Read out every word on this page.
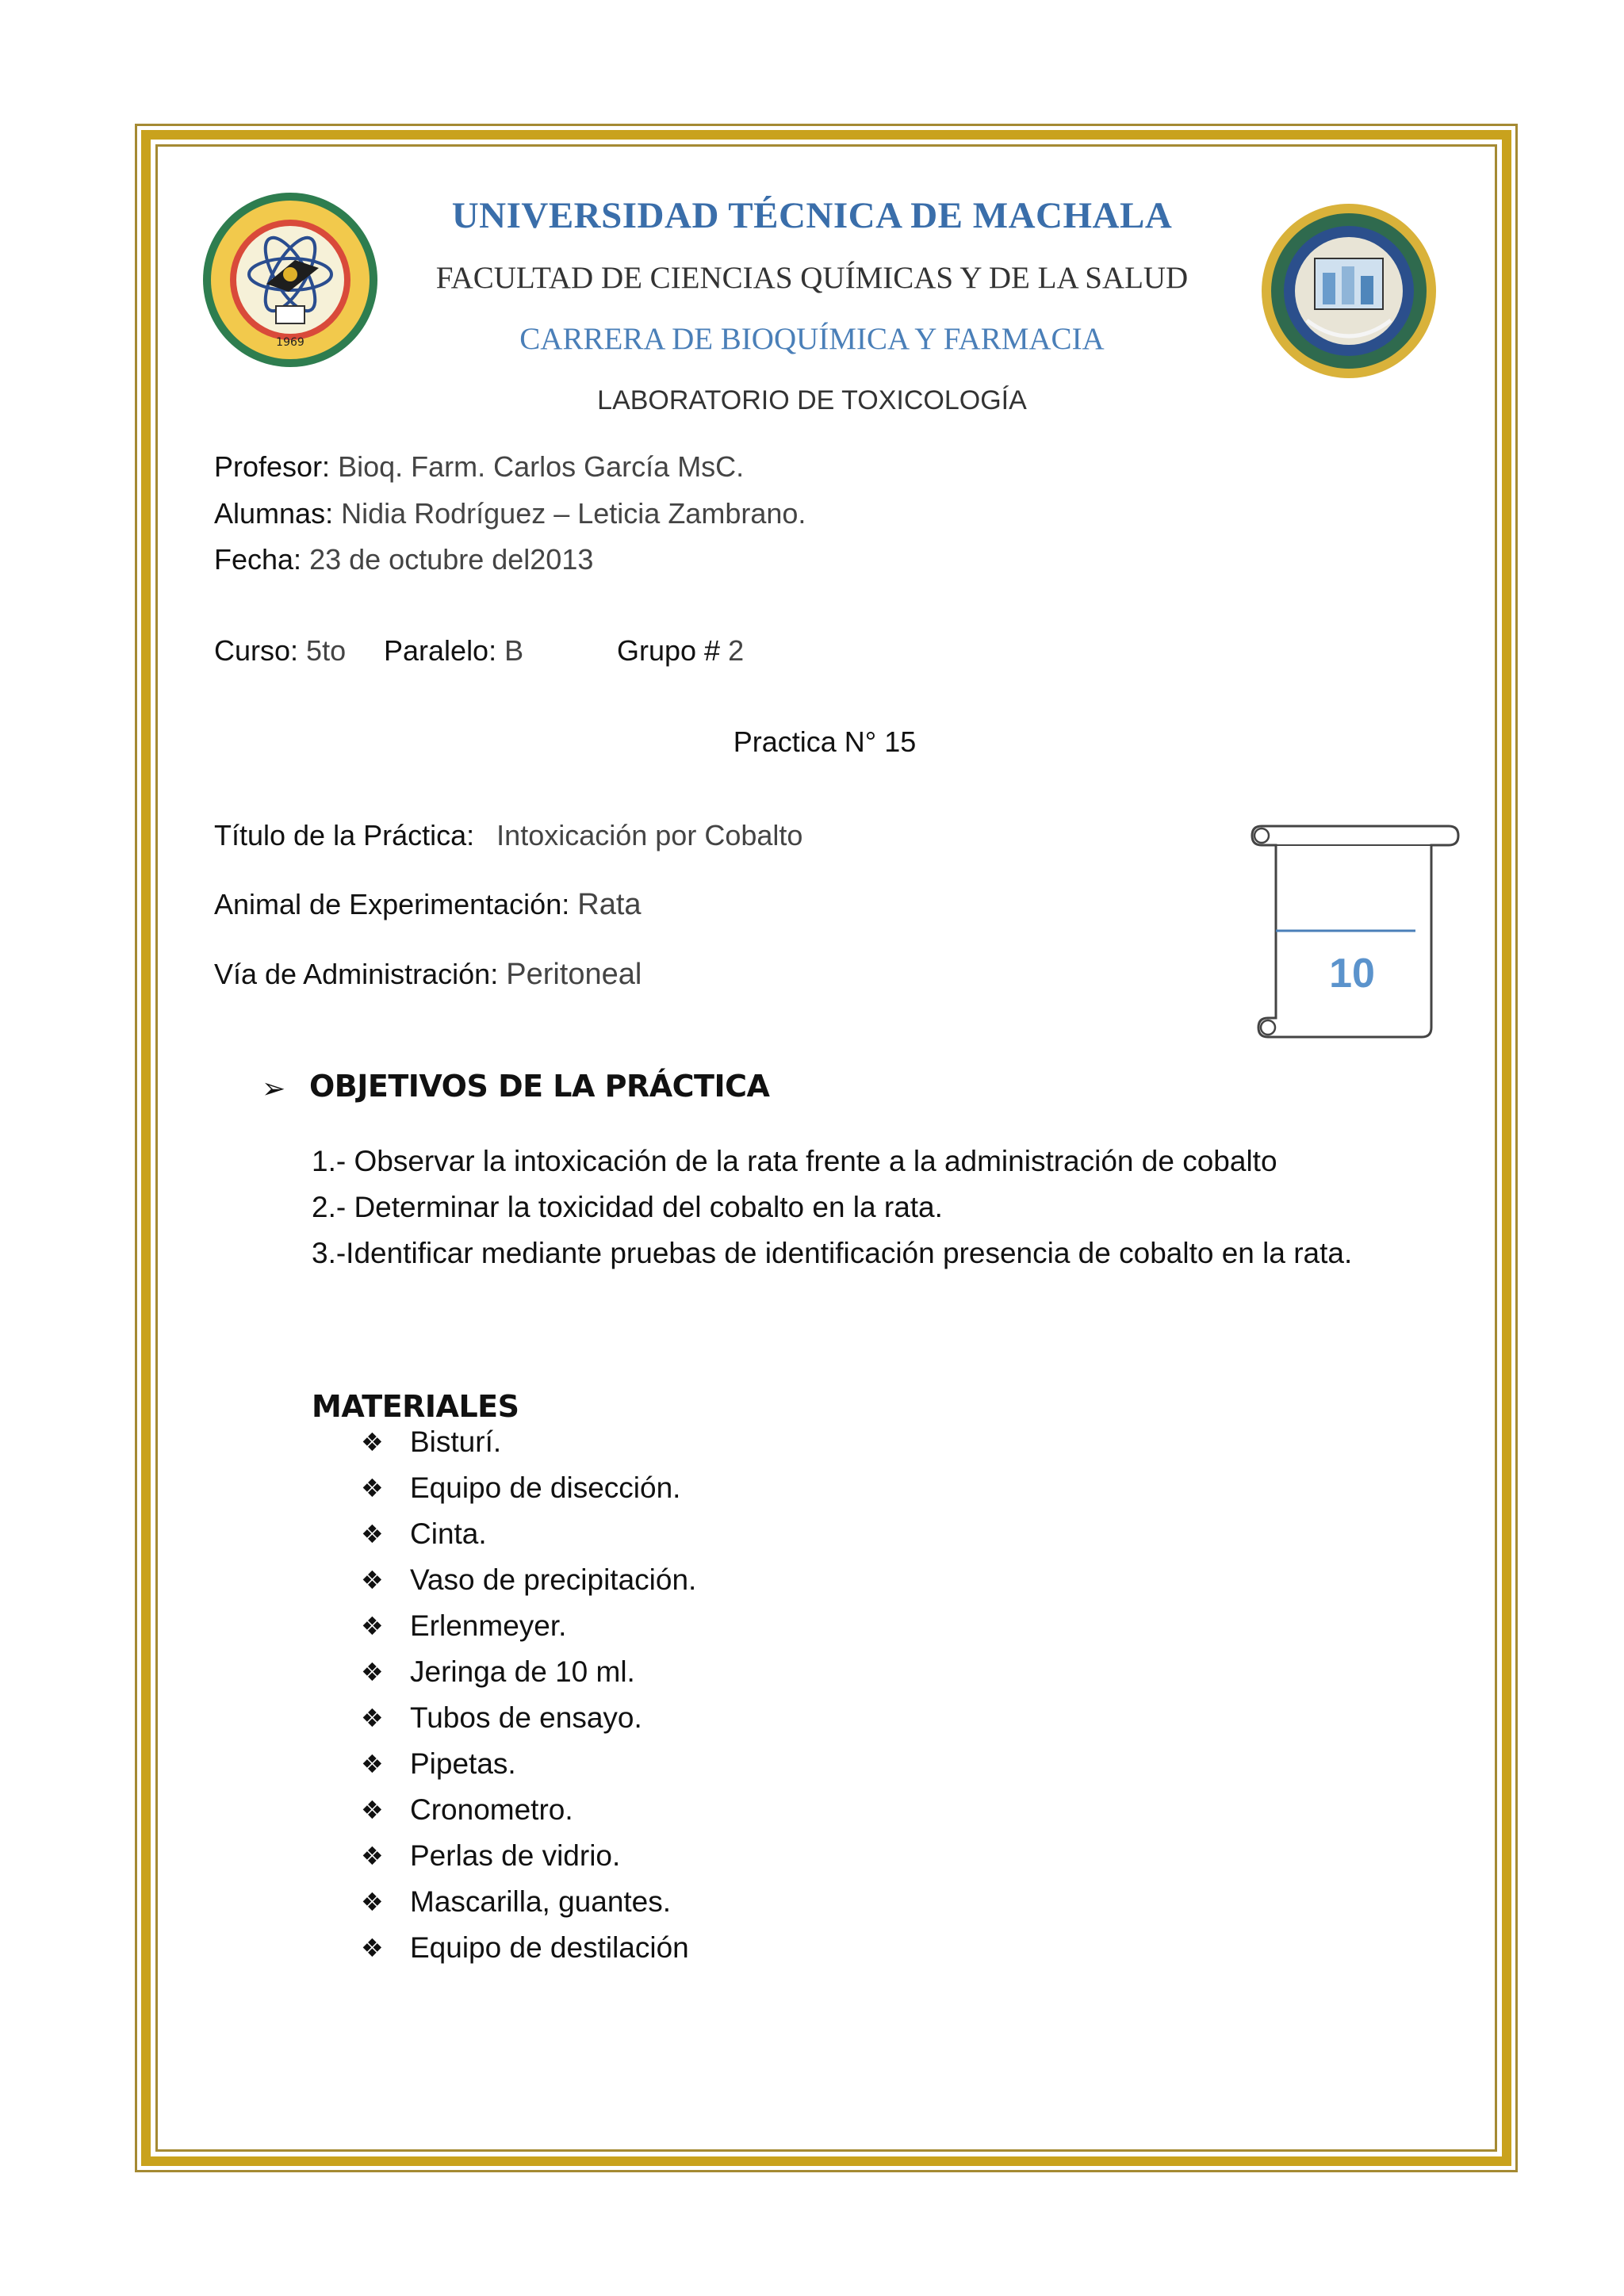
1969
UNIVERSIDAD TÉCNICA DE MACHALA
FACULTAD DE CIENCIAS QUÍMICAS Y DE LA SALUD
CARRERA DE BIOQUÍMICA Y FARMACIA
LABORATORIO DE TOXICOLOGÍA
Profesor: Bioq. Farm. Carlos García MsC.
Alumnas: Nidia Rodríguez – Leticia Zambrano.
Fecha: 23 de octubre del2013
Curso: 5to Paralelo: B	Grupo # 2
Practica N° 15
Título de la Práctica: Intoxicación por Cobalto
Animal de Experimentación: Rata
Vía de Administración: Peritoneal	10
➢ OBJETIVOS DE LA PRÁCTICA
1.- Observar la intoxicación de la rata frente a la administración de cobalto
2.- Determinar la toxicidad del cobalto en la rata.
3.-Identificar mediante pruebas de identificación presencia de cobalto en la rata.
MATERIALES
❖ Bisturí.
❖ Equipo de disección.
❖ Cinta.
❖ Vaso de precipitación.
❖ Erlenmeyer.
❖ Jeringa de 10 ml.
❖ Tubos de ensayo.
❖ Pipetas.
❖ Cronometro.
❖ Perlas de vidrio.
❖ Mascarilla, guantes.
❖ Equipo de destilación
